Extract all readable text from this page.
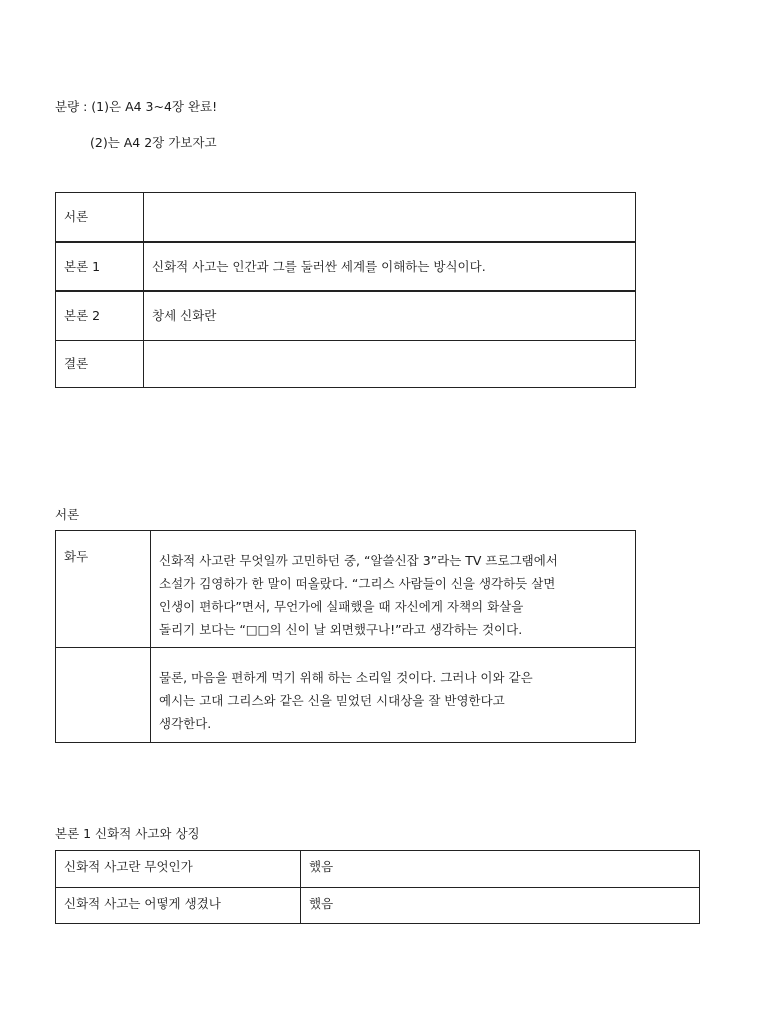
분량 : (1)은 A4 3~4장 완료!
(2)는 A4 2장 가보자고
서론	
본론 1	신화적 사고는 인간과 그를 둘러싼 세계를 이해하는 방식이다.
본론 2	창세 신화란
결론	
서론
화두	신화적 사고란 무엇일까 고민하던 중, “알쓸신잡 3”라는 TV 프로그램에서
소설가 김영하가 한 말이 떠올랐다. “그리스 사람들이 신을 생각하듯 살면
인생이 편하다”면서, 무언가에 실패했을 때 자신에게 자책의 화살을
돌리기 보다는 “□□의 신이 날 외면했구나!”라고 생각하는 것이다.

	물론, 마음을 편하게 먹기 위해 하는 소리일 것이다. 그러나 이와 같은
예시는 고대 그리스와 같은 신을 믿었던 시대상을 잘 반영한다고
생각한다.
본론 1 신화적 사고와 상징
신화적 사고란 무엇인가	했음
신화적 사고는 어떻게 생겼나	했음
